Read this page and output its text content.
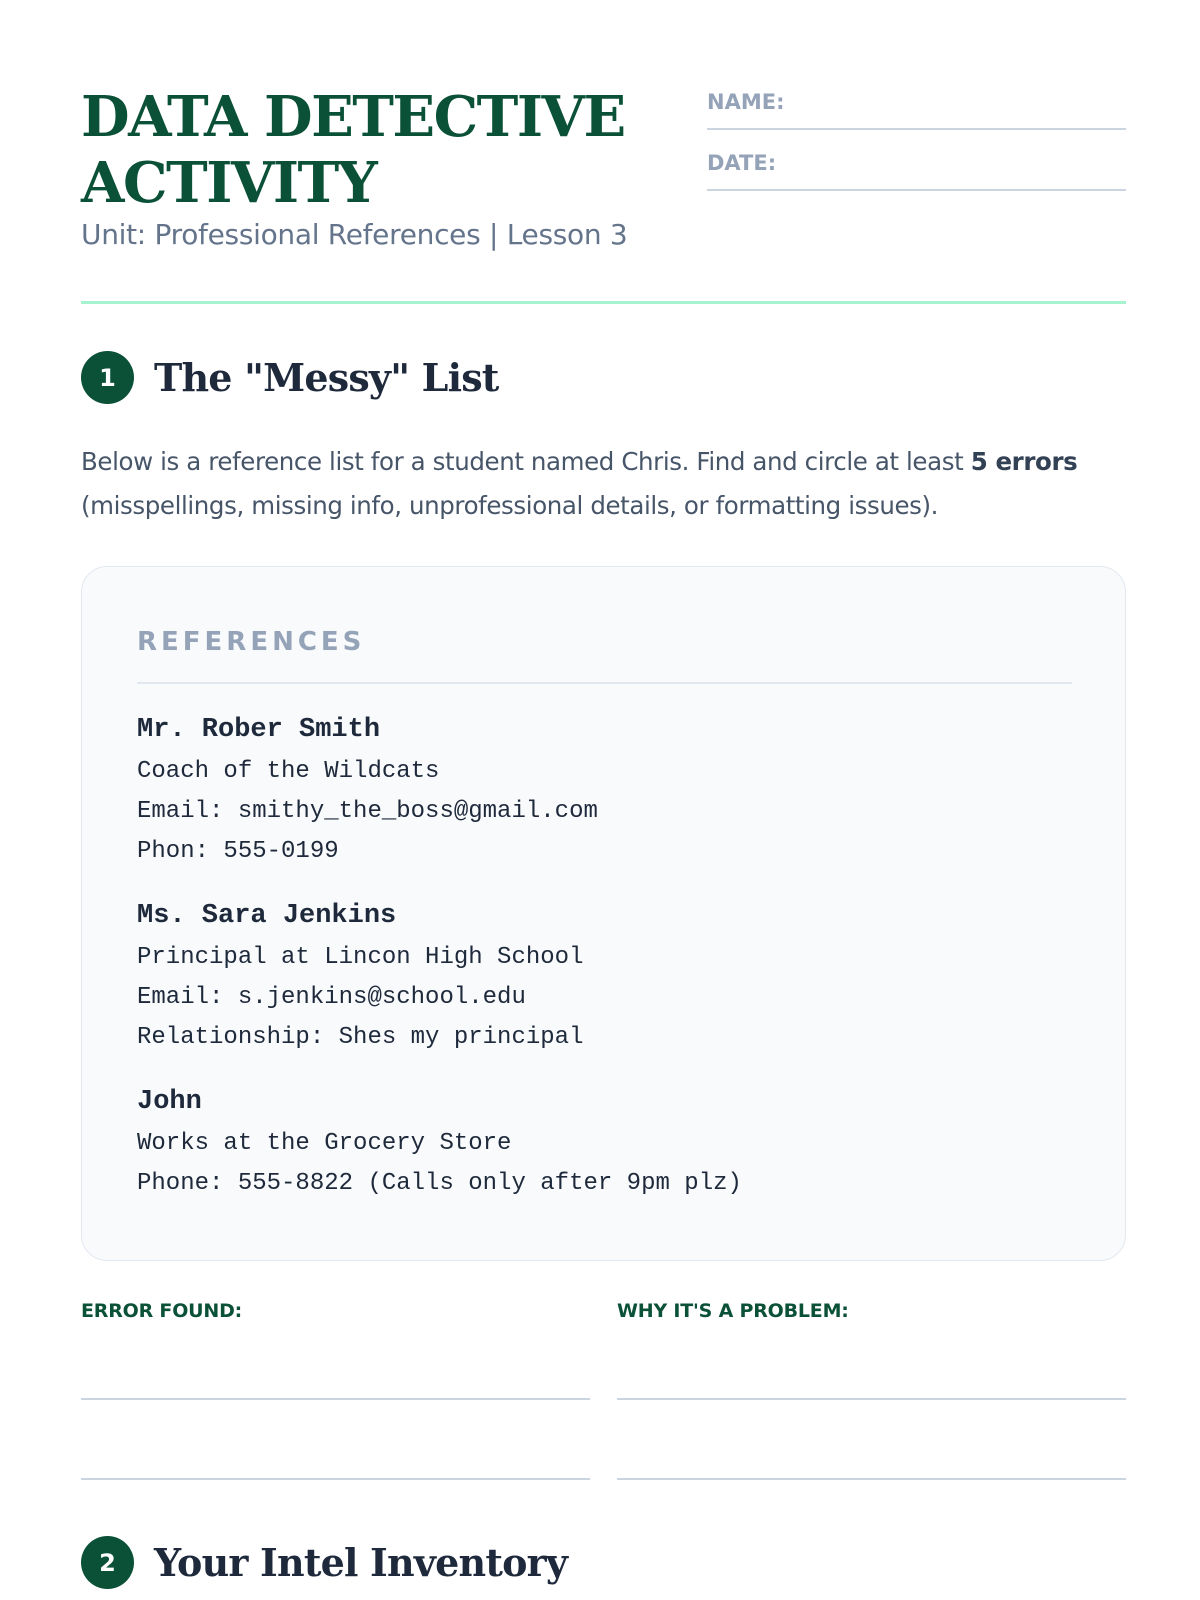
DATA DETECTIVE ACTIVITY
Unit: Professional References | Lesson 3
NAME:
DATE:
1	The "Messy" List

Below is a reference list for a student named Chris. Find and circle at least 5 errors (misspellings, missing info, unprofessional details, or formatting issues).

REFERENCES
Mr. Rober Smith
Coach of the Wildcats
Email: smithy_the_boss@gmail.com
Phon: 555-0199
Ms. Sara Jenkins
Principal at Lincon High School
Email: s.jenkins@school.edu
Relationship: Shes my principal
John
Works at the Grocery Store
Phone: 555-8822 (Calls only after 9pm plz)
ERROR FOUND:	WHY IT'S A PROBLEM:
2	Your Intel Inventory
